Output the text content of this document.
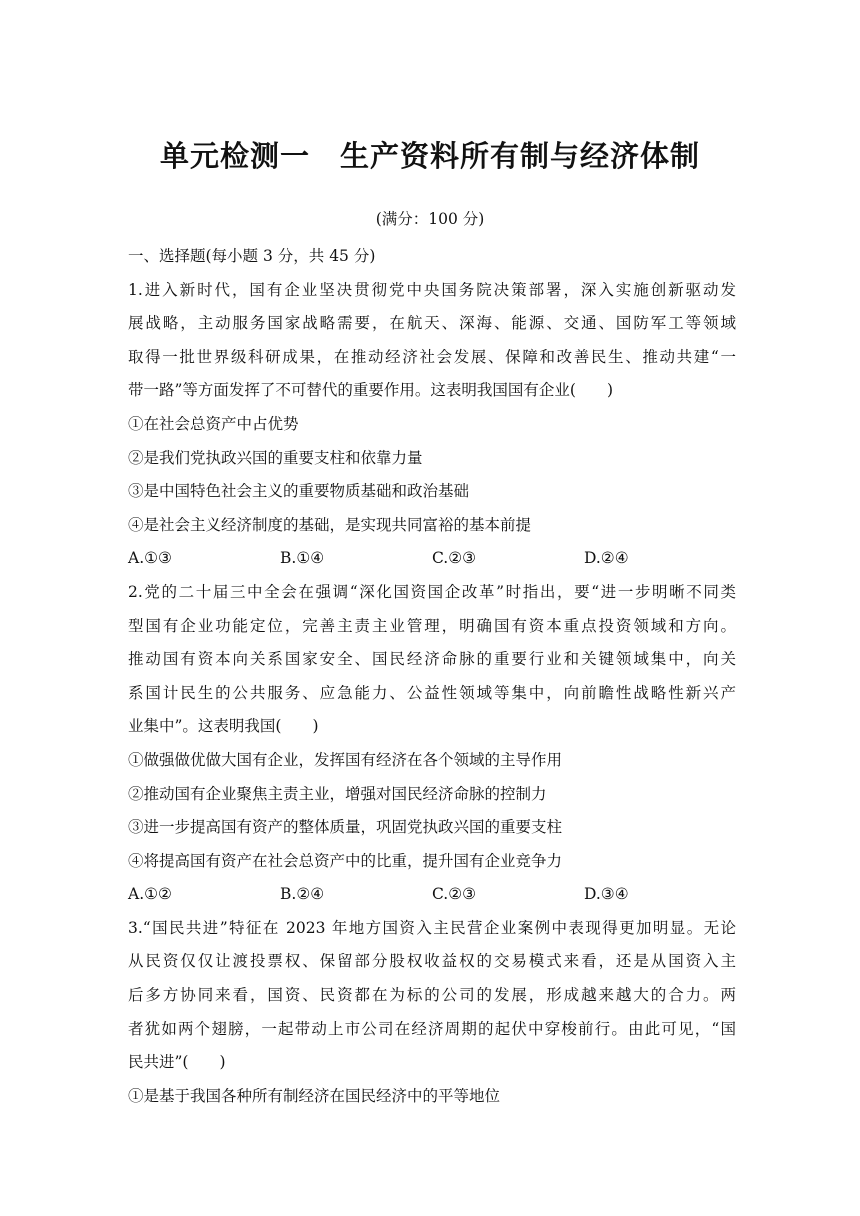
单元检测一　生产资料所有制与经济体制
(满分：100 分)
一、选择题(每小题 3 分，共 45 分)
1.进入新时代，国有企业坚决贯彻党中央国务院决策部署，深入实施创新驱动发
展战略，主动服务国家战略需要，在航天、深海、能源、交通、国防军工等领域
取得一批世界级科研成果，在推动经济社会发展、保障和改善民生、推动共建“一
带一路”等方面发挥了不可替代的重要作用。这表明我国国有企业(　　)
①在社会总资产中占优势
②是我们党执政兴国的重要支柱和依靠力量
③是中国特色社会主义的重要物质基础和政治基础
④是社会主义经济制度的基础，是实现共同富裕的基本前提
A.①③	B.①④	C.②③	D.②④
2.党的二十届三中全会在强调“深化国资国企改革”时指出，要“进一步明晰不同类
型国有企业功能定位，完善主责主业管理，明确国有资本重点投资领域和方向。
推动国有资本向关系国家安全、国民经济命脉的重要行业和关键领域集中，向关
系国计民生的公共服务、应急能力、公益性领域等集中，向前瞻性战略性新兴产
业集中”。这表明我国(　　)
①做强做优做大国有企业，发挥国有经济在各个领域的主导作用
②推动国有企业聚焦主责主业，增强对国民经济命脉的控制力
③进一步提高国有资产的整体质量，巩固党执政兴国的重要支柱
④将提高国有资产在社会总资产中的比重，提升国有企业竞争力
A.①②	B.②④	C.②③	D.③④
3.“国民共进”特征在 2023 年地方国资入主民营企业案例中表现得更加明显。无论
从民资仅仅让渡投票权、保留部分股权收益权的交易模式来看，还是从国资入主
后多方协同来看，国资、民资都在为标的公司的发展，形成越来越大的合力。两
者犹如两个翅膀，一起带动上市公司在经济周期的起伏中穿梭前行。由此可见，“国
民共进”(　　)
①是基于我国各种所有制经济在国民经济中的平等地位
